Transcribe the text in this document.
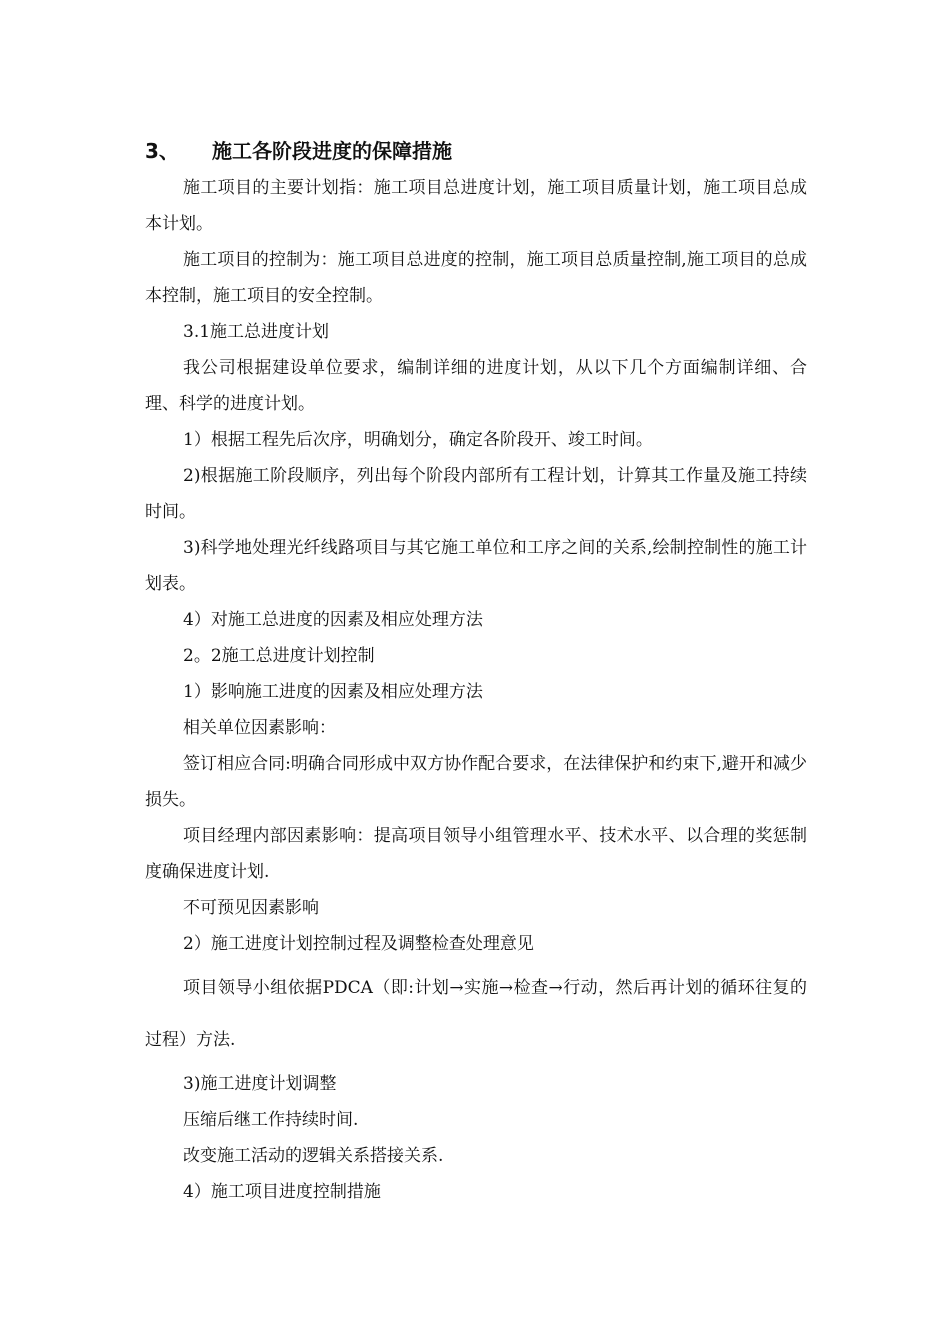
3、 施工各阶段进度的保障措施

施工项目的主要计划指：施工项目总进度计划，施工项目质量计划，施工项目总成本计划。

施工项目的控制为：施工项目总进度的控制，施工项目总质量控制,施工项目的总成本控制，施工项目的安全控制。

3.1施工总进度计划

我公司根据建设单位要求，编制详细的进度计划，从以下几个方面编制详细、合理、科学的进度计划。

1）根据工程先后次序，明确划分，确定各阶段开、竣工时间。

2)根据施工阶段顺序，列出每个阶段内部所有工程计划，计算其工作量及施工持续时间。

3)科学地处理光纤线路项目与其它施工单位和工序之间的关系,绘制控制性的施工计划表。

4）对施工总进度的因素及相应处理方法

2。2施工总进度计划控制

1）影响施工进度的因素及相应处理方法

相关单位因素影响：

签订相应合同:明确合同形成中双方协作配合要求，在法律保护和约束下,避开和减少损失。

项目经理内部因素影响：提高项目领导小组管理水平、技术水平、以合理的奖惩制度确保进度计划.

不可预见因素影响

2）施工进度计划控制过程及调整检查处理意见

项目领导小组依据PDCA（即:计划→实施→检查→行动，然后再计划的循环往复的过程）方法.

3)施工进度计划调整

压缩后继工作持续时间.

改变施工活动的逻辑关系搭接关系.

4）施工项目进度控制措施
